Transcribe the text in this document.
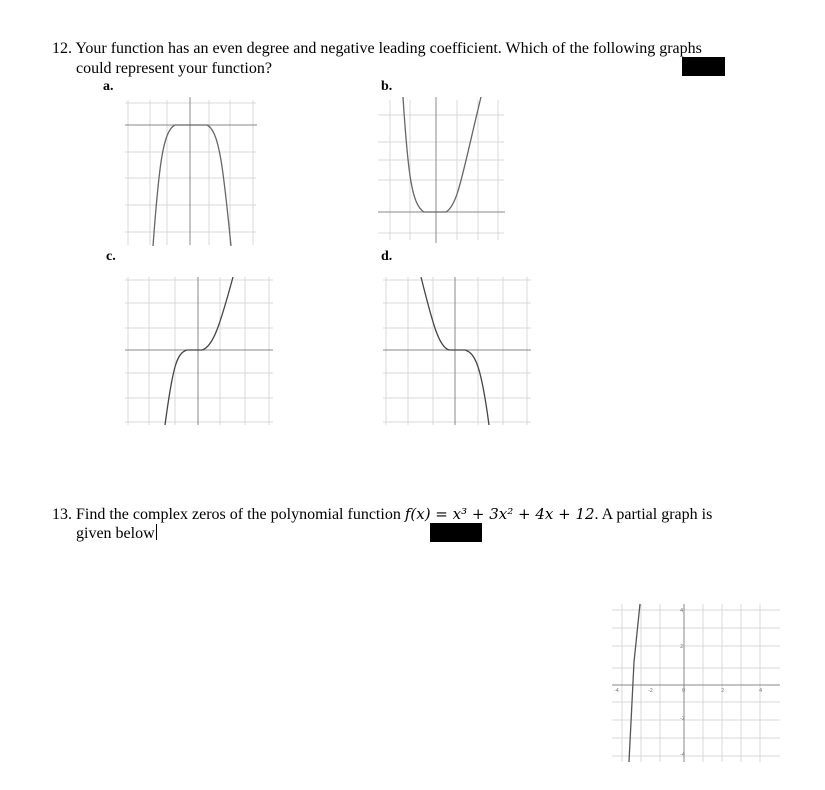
12. Your function has an even degree and negative leading coefficient. Which of the following graphs
could represent your function?
a.	b.
c.	d.
13. Find the complex zeros of the polynomial function f(x) = x³ + 3x² + 4x + 12. A partial graph is
given below
-4	-2	0	2	4
4
2
-2
-4
